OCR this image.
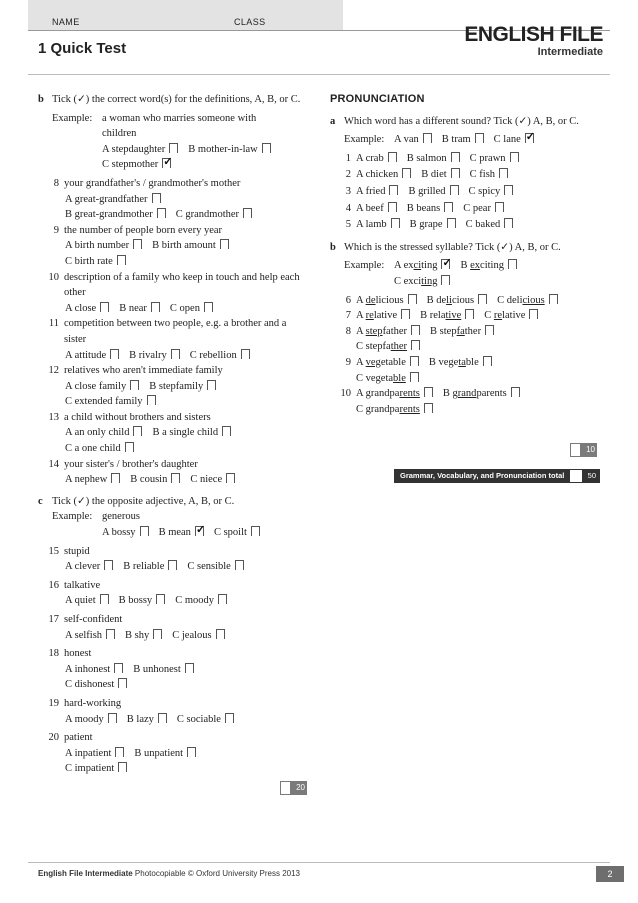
NAME	CLASS
1 Quick Test
ENGLISH FILE
Intermediate
b Tick (✓) the correct word(s) for the definitions, A, B, or C.
Example: a woman who marries someone with children
A stepdaughter	B mother-in-law
C stepmother✓
8 your grandfather's / grandmother's mother
A great-grandfather
B great-grandmother	C grandmother
9 the number of people born every year
A birth number	B birth amount
C birth rate
10 description of a family who keep in touch and help each other
A close	B near	C open
11 competition between two people, e.g. a brother and a sister
A attitude	B rivalry	C rebellion
12 relatives who aren't immediate family
A close family	B stepfamily
C extended family
13 a child without brothers and sisters
A an only child	B a single child
C a one child
14 your sister's / brother's daughter
A nephew	B cousin	C niece
c Tick (✓) the opposite adjective, A, B, or C.
Example: generous
A bossy	B mean ✓	C spoilt
15 stupid
A clever	B reliable	C sensible
16 talkative
A quiet	B bossy	C moody
17 self-confident
A selfish	B shy	C jealous
18 honest
A inhonest	B unhonest
C dishonest
19 hard-working
A moody	B lazy	C sociable
20 patient
A inpatient	B unpatient
C impatient
20
PRONUNCIATION
a Which word has a different sound? Tick (✓) A, B, or C.
Example: A van	B tram	C lane✓
1 A crab	B salmon	C prawn
2 A chicken	B diet	C fish
3 A fried	B grilled	C spicy
4 A beef	B beans	C pear
5 A lamb	B grape	C baked
b Which is the stressed syllable? Tick (✓) A, B, or C.
Example: A exciting ✓	B exciting
C exciting
6 A delicious	B delicious	C delicious
7 A relative	B relative	C relative
8 A stepfather	B stepfather
C stepfather
9 A vegetable	B vegetable
C vegetable
10 A grandparents	B grandparents
C grandparents
10
Grammar, Vocabulary, and Pronunciation total	50
English File Intermediate Photocopiable © Oxford University Press 2013	2
